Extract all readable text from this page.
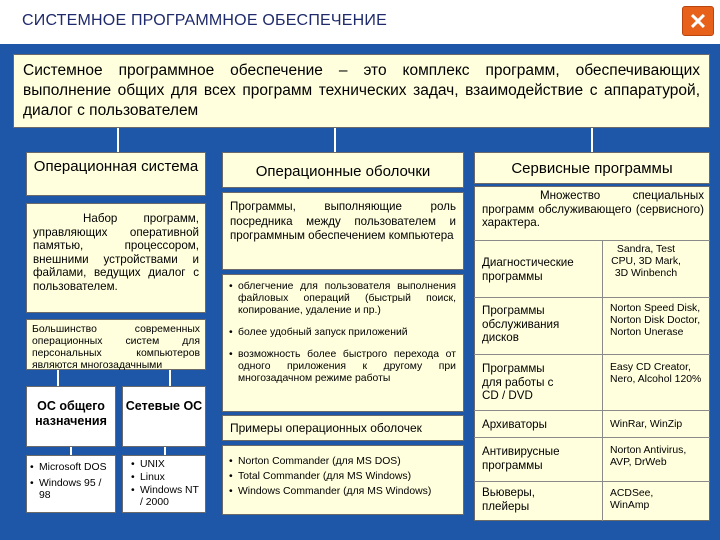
СИСТЕМНОЕ ПРОГРАММНОЕ ОБЕСПЕЧЕНИЕ	✕
Системное программное обеспечение – это комплекс программ, обеспечивающих выполнение общих для всех программ технических задач, взаимодействие с аппаратурой, диалог с пользователем
Операционная система
Набор программ, управляющих оперативной памятью, процессором, внешними устройствами и файлами, ведущих диалог с пользователем.
Большинство современных операционных систем для персональных компьютеров являются многозадачными
ОС общего назначения
Сетевые ОС
• Microsoft DOS
• Windows 95 / 98
• UNIX
• Linux
• Windows NT / 2000
Операционные оболочки
Программы, выполняющие роль посредника между пользователем и программным обеспечением компьютера
• облегчение для пользователя выполнения файловых операций (быстрый поиск, копирование, удаление и пр.)
• более удобный запуск приложений
• возможность более быстрого перехода от одного приложения к другому при многозадачном режиме работы
Примеры операционных оболочек
• Norton Commander (для MS DOS)
• Total Commander (для MS Windows)
• Windows Commander (для MS Windows)
Сервисные программы
Множество специальных программ обслуживающего (сервисного) характера.
Диагностические программы
Sandra, Test CPU, 3D Mark, 3D Winbench
Программы обслуживания дисков
Norton Speed Disk, Norton Disk Doctor, Norton Unerase
Программы для работы с CD / DVD
Easy CD Creator, Nero, Alcohol 120%
Архиваторы	WinRar, WinZip
Антивирусные программы
Norton Antivirus, AVP, DrWeb
Вьюверы, плейеры
ACDSee, WinAmp
